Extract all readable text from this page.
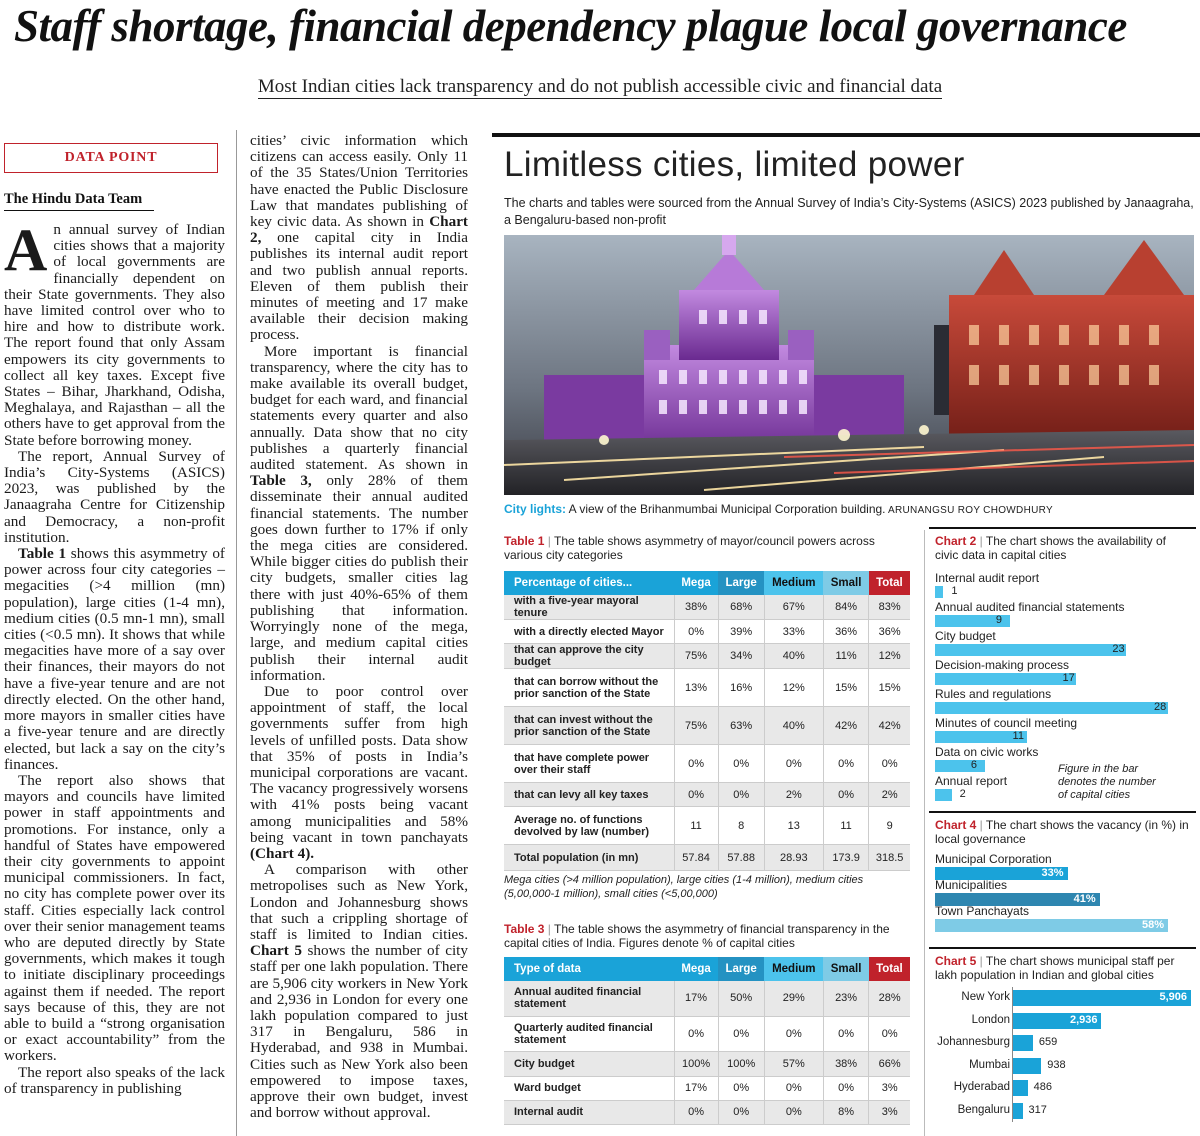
Staff shortage, financial dependency plague local governance
Most Indian cities lack transparency and do not publish accessible civic and financial data
DATA POINT
The Hindu Data Team

An annual survey of Indian cities shows that a majority of local governments are financially dependent on their State governments. They also have limited control over who to hire and how to distribute work. The report found that only Assam empowers its city governments to collect all key taxes. Except five States – Bihar, Jharkhand, Odisha, Meghalaya, and Rajasthan – all the others have to get approval from the State before borrowing money.

The report, Annual Survey of India’s City-Systems (ASICS) 2023, was published by the Janaagraha Centre for Citizenship and Democracy, a non-profit institution.

Table 1 shows this asymmetry of power across four city categories – megacities (>4 million (mn) population), large cities (1-4 mn), medium cities (0.5 mn-1 mn), small cities (<0.5 mn). It shows that while megacities have more of a say over their finances, their mayors do not have a five-year tenure and are not directly elected. On the other hand, more mayors in smaller cities have a five-year tenure and are directly elected, but lack a say on the city’s finances.

The report also shows that mayors and councils have limited power in staff appointments and promotions. For instance, only a handful of States have empowered their city governments to appoint municipal commissioners. In fact, no city has complete power over its staff. Cities especially lack control over their senior management teams who are deputed directly by State governments, which makes it tough to initiate disciplinary proceedings against them if needed. The report says because of this, they are not able to build a “strong organisation or exact accountability” from the workers.

The report also speaks of the lack of transparency in publishing

cities’ civic information which citizens can access easily. Only 11 of the 35 States/Union Territories have enacted the Public Disclosure Law that mandates publishing of key civic data. As shown in Chart 2, one capital city in India publishes its internal audit report and two publish annual reports. Eleven of them publish their minutes of meeting and 17 make available their decision making process.

More important is financial transparency, where the city has to make available its overall budget, budget for each ward, and financial statements every quarter and also annually. Data show that no city publishes a quarterly financial audited statement. As shown in Table 3, only 28% of them disseminate their annual audited financial statements. The number goes down further to 17% if only the mega cities are considered. While bigger cities do publish their city budgets, smaller cities lag there with just 40%-65% of them publishing that information. Worryingly none of the mega, large, and medium capital cities publish their internal audit information.

Due to poor control over appointment of staff, the local governments suffer from high levels of unfilled posts. Data show that 35% of posts in India’s municipal corporations are vacant. The vacancy progressively worsens with 41% posts being vacant among municipalities and 58% being vacant in town panchayats (Chart 4).

A comparison with other metropolises such as New York, London and Johannesburg shows that such a crippling shortage of staff is limited to Indian cities. Chart 5 shows the number of city staff per one lakh population. There are 5,906 city workers in New York and 2,936 in London for every one lakh population compared to just 317 in Bengaluru, 586 in Hyderabad, and 938 in Mumbai. Cities such as New York also been empowered to impose taxes, approve their own budget, invest and borrow without approval.

Limitless cities, limited power
The charts and tables were sourced from the Annual Survey of India’s City-Systems (ASICS) 2023 published by Janaagraha, a Bengaluru-based non-profit
City lights: A view of the Brihanmumbai Municipal Corporation building. ARUNANGSU ROY CHOWDHURY
Table 1 | The table shows asymmetry of mayor/council powers across various city categories
Percentage of cities...	Mega	Large	Medium	Small	Total
with a five-year mayoral tenure	38%	68%	67%	84%	83%
with a directly elected Mayor	0%	39%	33%	36%	36%
that can approve the city budget	75%	34%	40%	11%	12%
that can borrow without the prior sanction of the State	13%	16%	12%	15%	15%
that can invest without the prior sanction of the State	75%	63%	40%	42%	42%
that have complete power over their staff	0%	0%	0%	0%	0%
that can levy all key taxes	0%	0%	2%	0%	2%
Average no. of functions devolved by law (number)	11	8	13	11	9
Total population (in mn)	57.84	57.88	28.93	173.9	318.5
Mega cities (>4 million population), large cities (1-4 million), medium cities (5,00,000-1 million), small cities (<5,00,000)
Table 3 | The table shows the asymmetry of financial transparency in the capital cities of India. Figures denote % of capital cities
Type of data	Mega	Large	Medium	Small	Total
Annual audited financial statement	17%	50%	29%	23%	28%
Quarterly audited financial statement	0%	0%	0%	0%	0%
City budget	100%	100%	57%	38%	66%
Ward budget	17%	0%	0%	0%	3%
Internal audit	0%	0%	0%	8%	3%
Chart 2 | The chart shows the availability of civic data in capital cities
Internal audit report
1
Annual audited financial statements
9
City budget
23
Decision-making process
17
Rules and regulations
28
Minutes of council meeting
11
Data on civic works
6
Annual report
2
Figure in the bar denotes the number of capital cities
Chart 4 | The chart shows the vacancy (in %) in local governance
Municipal Corporation
33%
Municipalities
41%
Town Panchayats
58%
Chart 5 | The chart shows municipal staff per lakh population in Indian and global cities
New York	5,906
London	2,936
Johannesburg	659
Mumbai	938
Hyderabad 486
Bengaluru 317
